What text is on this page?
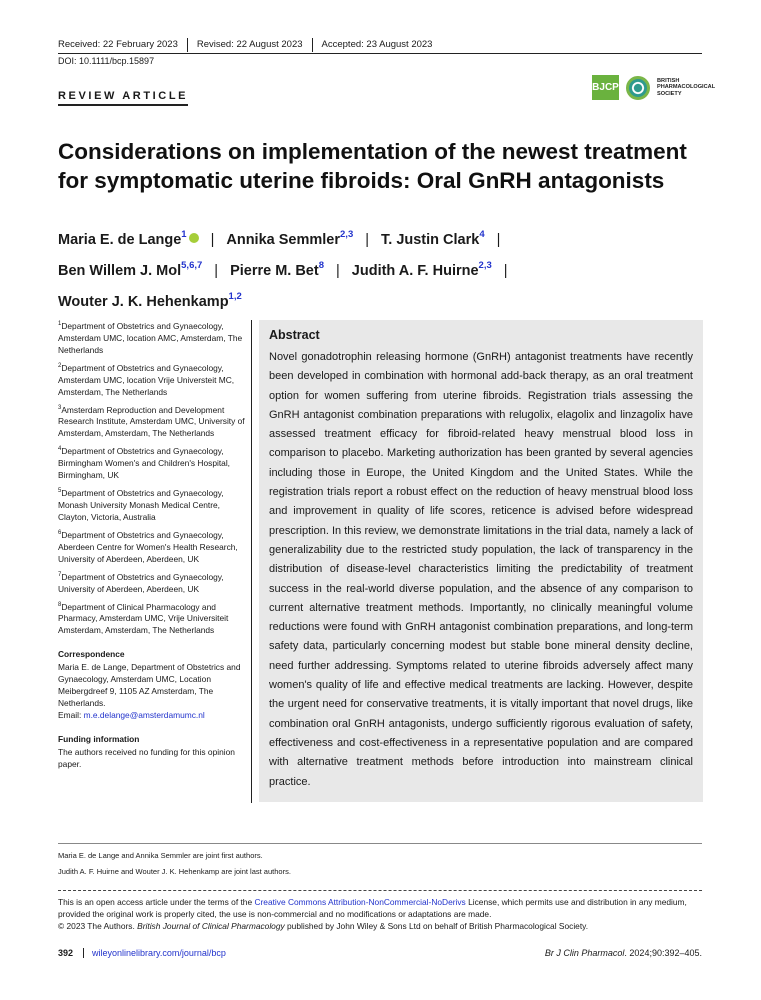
Received: 22 February 2023	Revised: 22 August 2023	Accepted: 23 August 2023
DOI: 10.1111/bcp.15897
REVIEW ARTICLE
BJCP
BRITISH PHARMACOLOGICAL SOCIETY
Considerations on implementation of the newest treatment for symptomatic uterine fibroids: Oral GnRH antagonists
Maria E. de Lange$^1$ | Annika Semmler$^{2,3}$ | T. Justin Clark$^4$ |
Ben Willem J. Mol$^{5,6,7}$ | Pierre M. Bet$^8$ | Judith A. F. Huirne$^{2,3}$ |
Wouter J. K. Hehenkamp$^{1,2}$

$^1$Department of Obstetrics and Gynaecology, Amsterdam UMC, location AMC, Amsterdam, The Netherlands

$^2$Department of Obstetrics and Gynaecology, Amsterdam UMC, location Vrije Universteit MC, Amsterdam, The Netherlands

$^3$Amsterdam Reproduction and Development Research Institute, Amsterdam UMC, University of Amsterdam, Amsterdam, The Netherlands

$^4$Department of Obstetrics and Gynaecology, Birmingham Women's and Children's Hospital, Birmingham, UK

$^5$Department of Obstetrics and Gynaecology, Monash University Monash Medical Centre, Clayton, Victoria, Australia

$^6$Department of Obstetrics and Gynaecology, Aberdeen Centre for Women's Health Research, University of Aberdeen, Aberdeen, UK

$^7$Department of Obstetrics and Gynaecology, University of Aberdeen, Aberdeen, UK

$^8$Department of Clinical Pharmacology and Pharmacy, Amsterdam UMC, Vrije Universiteit Amsterdam, Amsterdam, The Netherlands

Correspondence

Maria E. de Lange, Department of Obstetrics and Gynaecology, Amsterdam UMC, Location Meibergdreef 9, 1105 AZ Amsterdam, The Netherlands.

Email: m.e.delange@amsterdamumc.nl

Funding information

The authors received no funding for this opinion paper.

Abstract
Novel gonadotrophin releasing hormone (GnRH) antagonist treatments have recently been developed in combination with hormonal add-back therapy, as an oral treatment option for women suffering from uterine fibroids. Registration trials assessing the GnRH antagonist combination preparations with relugolix, elagolix and linzagolix have assessed treatment efficacy for fibroid-related heavy menstrual blood loss in comparison to placebo. Marketing authorization has been granted by several agencies including those in Europe, the United Kingdom and the United States. While the registration trials report a robust effect on the reduction of heavy menstrual blood loss and improvement in quality of life scores, reticence is advised before widespread prescription. In this review, we demonstrate limitations in the trial data, namely a lack of generalizability due to the restricted study population, the lack of transparency in the distribution of disease-level characteristics limiting the predictability of treatment success in the real-world diverse population, and the absence of any comparison to current alternative treatment methods. Importantly, no clinically meaningful volume reductions were found with GnRH antagonist combination preparations, and long-term safety data, particularly concerning modest but stable bone mineral density decline, need further addressing. Symptoms related to uterine fibroids adversely affect many women's quality of life and effective medical treatments are lacking. However, despite the urgent need for conservative treatments, it is vitally important that novel drugs, like combination oral GnRH antagonists, undergo sufficiently rigorous evaluation of safety, effectiveness and cost-effectiveness in a representative population and are compared with alternative treatment methods before introduction into mainstream clinical practice.
Maria E. de Lange and Annika Semmler are joint first authors.
Judith A. F. Huirne and Wouter J. K. Hehenkamp are joint last authors.
This is an open access article under the terms of the Creative Commons Attribution-NonCommercial-NoDerivs License, which permits use and distribution in any medium, provided the original work is properly cited, the use is non-commercial and no modifications or adaptations are made.
© 2023 The Authors. British Journal of Clinical Pharmacology published by John Wiley & Sons Ltd on behalf of British Pharmacological Society.
392	wileyonlinelibrary.com/journal/bcp	Br J Clin Pharmacol. 2024;90:392–405.
